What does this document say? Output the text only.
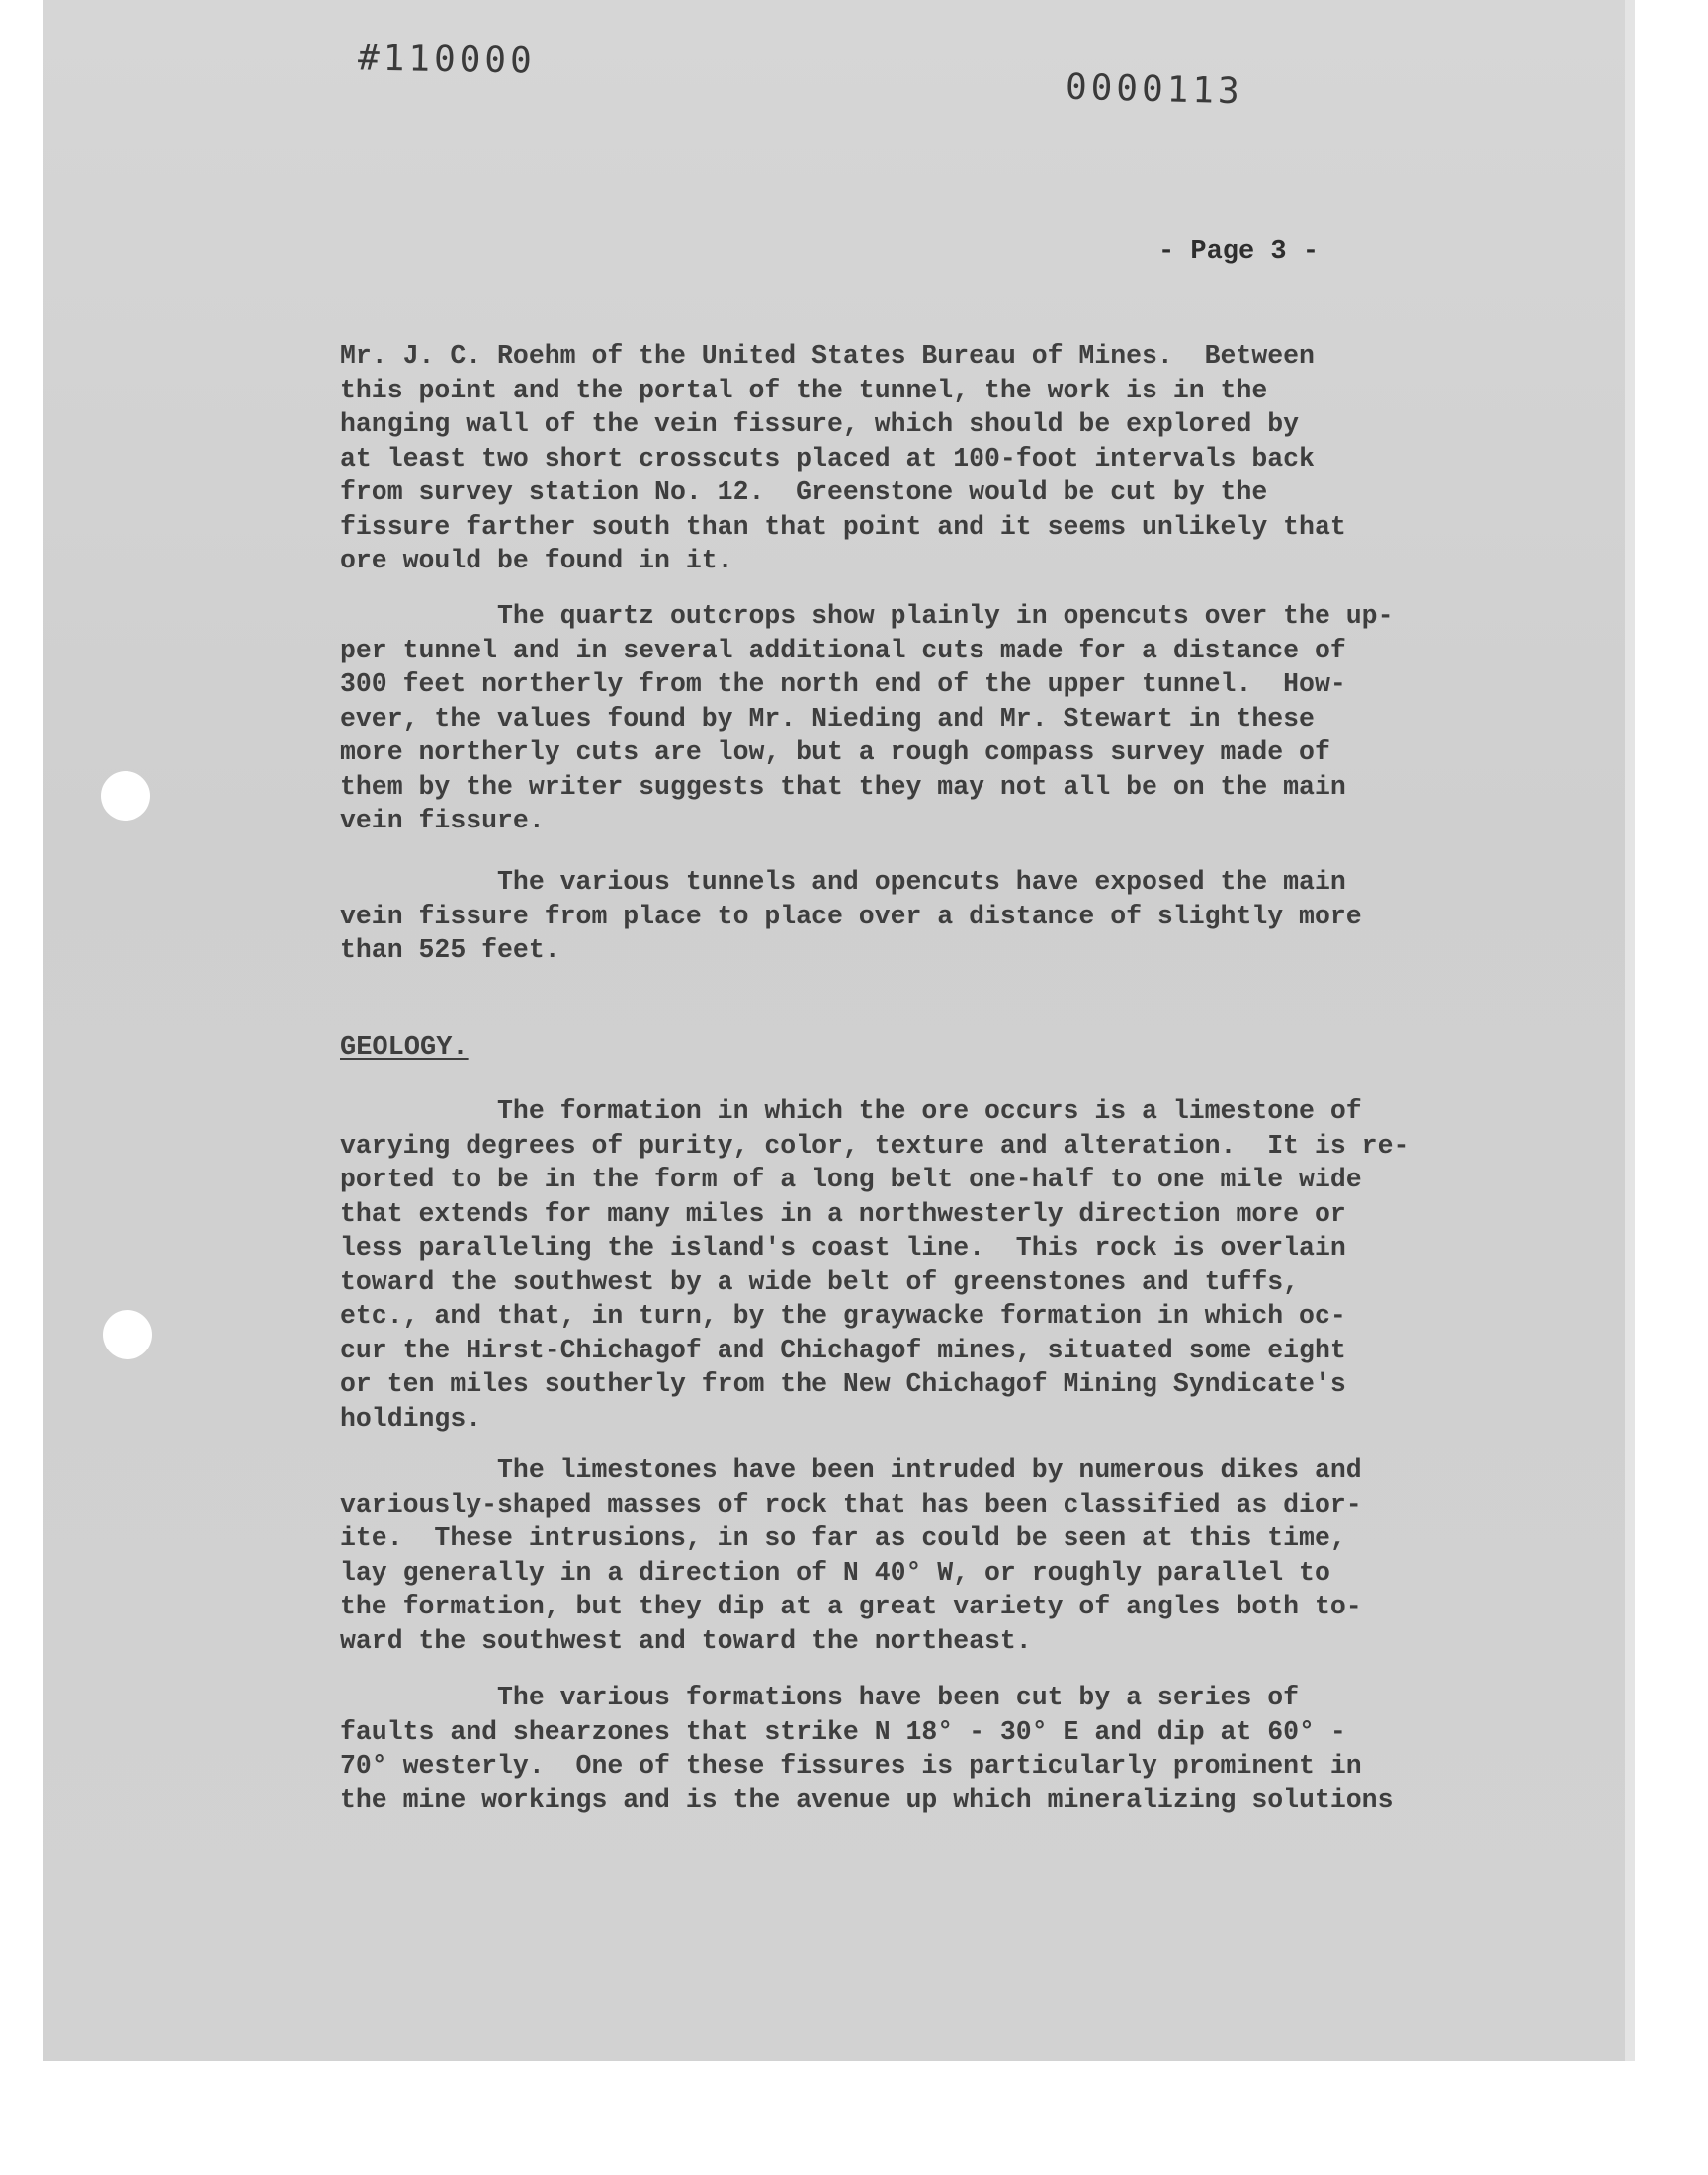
#110000
0000113
- Page 3 -

Mr. J. C. Roehm of the United States Bureau of Mines.  Between
this point and the portal of the tunnel, the work is in the
hanging wall of the vein fissure, which should be explored by
at least two short crosscuts placed at 100-foot intervals back
from survey station No. 12.  Greenstone would be cut by the
fissure farther south than that point and it seems unlikely that
ore would be found in it.

The quartz outcrops show plainly in opencuts over the up-
per tunnel and in several additional cuts made for a distance of
300 feet northerly from the north end of the upper tunnel.  How-
ever, the values found by Mr. Nieding and Mr. Stewart in these
more northerly cuts are low, but a rough compass survey made of
them by the writer suggests that they may not all be on the main
vein fissure.

The various tunnels and opencuts have exposed the main
vein fissure from place to place over a distance of slightly more
than 525 feet.

GEOLOGY.

The formation in which the ore occurs is a limestone of
varying degrees of purity, color, texture and alteration.  It is re-
ported to be in the form of a long belt one-half to one mile wide
that extends for many miles in a northwesterly direction more or
less paralleling the island's coast line.  This rock is overlain
toward the southwest by a wide belt of greenstones and tuffs,
etc., and that, in turn, by the graywacke formation in which oc-
cur the Hirst-Chichagof and Chichagof mines, situated some eight
or ten miles southerly from the New Chichagof Mining Syndicate's
holdings.

The limestones have been intruded by numerous dikes and
variously-shaped masses of rock that has been classified as dior-
ite.  These intrusions, in so far as could be seen at this time,
lay generally in a direction of N 40° W, or roughly parallel to
the formation, but they dip at a great variety of angles both to-
ward the southwest and toward the northeast.

The various formations have been cut by a series of
faults and shearzones that strike N 18° - 30° E and dip at 60° -
70° westerly.  One of these fissures is particularly prominent in
the mine workings and is the avenue up which mineralizing solutions
